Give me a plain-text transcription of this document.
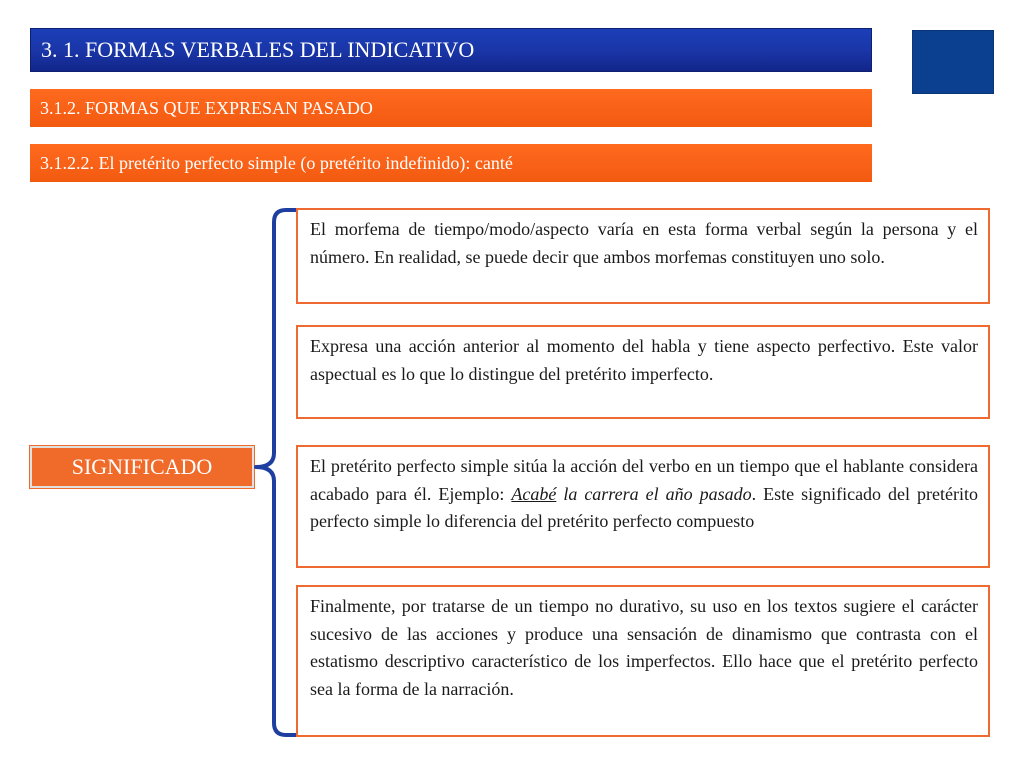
3. 1. FORMAS VERBALES DEL INDICATIVO
3.1.2. FORMAS QUE EXPRESAN PASADO
3.1.2.2. El pretérito perfecto simple (o pretérito indefinido): canté
SIGNIFICADO
El morfema de tiempo/modo/aspecto varía en esta forma verbal según la persona y el número. En realidad, se puede decir que ambos morfemas constituyen uno solo.
Expresa una acción anterior al momento del habla y tiene aspecto perfectivo. Este valor aspectual es lo que lo distingue del pretérito imperfecto.
El pretérito perfecto simple sitúa la acción del verbo en un tiempo que el hablante considera acabado para él. Ejemplo: Acabé la carrera el año pasado. Este significado del pretérito perfecto simple lo diferencia del pretérito perfecto compuesto
Finalmente, por tratarse de un tiempo no durativo, su uso en los textos sugiere el carácter sucesivo de las acciones y produce una sensación de dinamismo que contrasta con el estatismo descriptivo característico de los imperfectos. Ello hace que el pretérito perfecto sea la forma de la narración.
